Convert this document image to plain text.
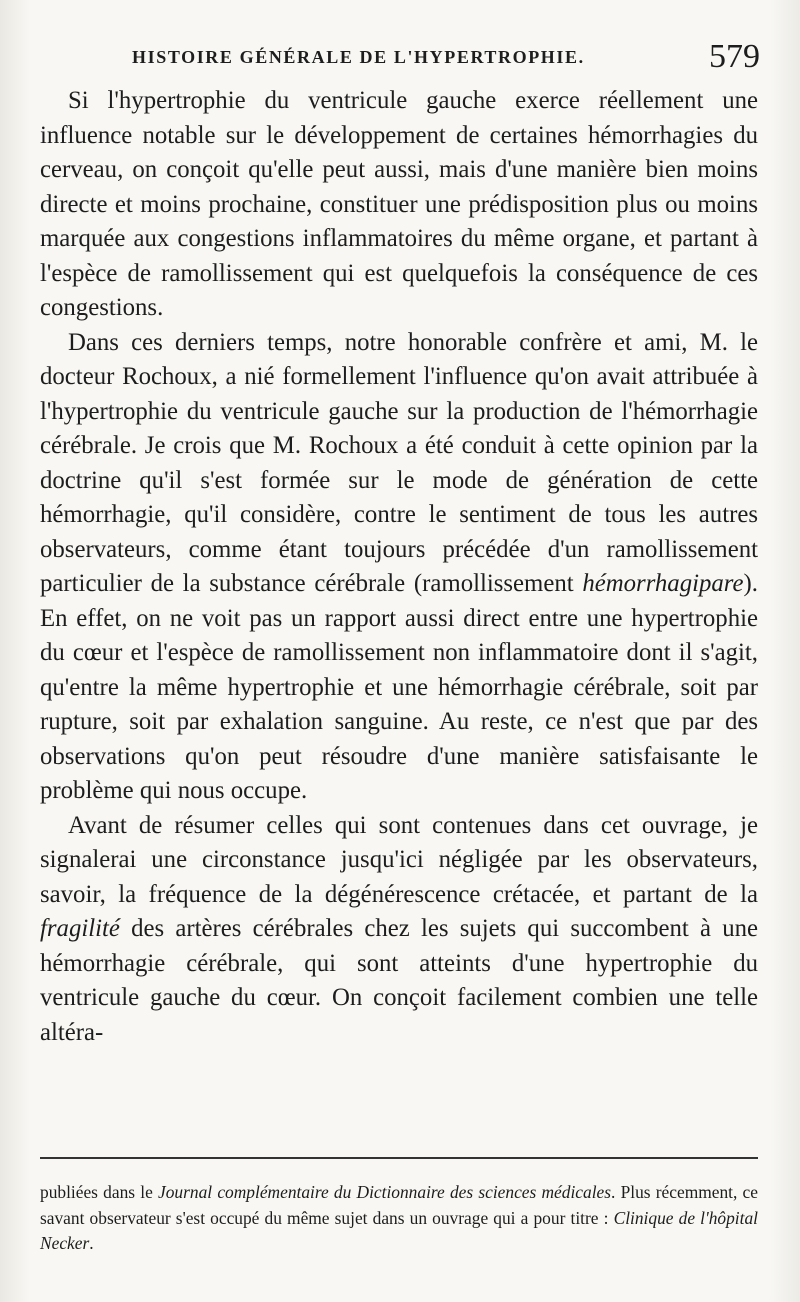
HISTOIRE GÉNÉRALE DE L'HYPERTROPHIE.	579

Si l'hypertrophie du ventricule gauche exerce réellement une influence notable sur le développement de certaines hémorrhagies du cerveau, on conçoit qu'elle peut aussi, mais d'une manière bien moins directe et moins prochaine, constituer une prédisposition plus ou moins marquée aux congestions inflammatoires du même organe, et partant à l'espèce de ramollissement qui est quelquefois la conséquence de ces congestions.

Dans ces derniers temps, notre honorable confrère et ami, M. le docteur Rochoux, a nié formellement l'influence qu'on avait attribuée à l'hypertrophie du ventricule gauche sur la production de l'hémorrhagie cérébrale. Je crois que M. Rochoux a été conduit à cette opinion par la doctrine qu'il s'est formée sur le mode de génération de cette hémorrhagie, qu'il considère, contre le sentiment de tous les autres observateurs, comme étant toujours précédée d'un ramollissement particulier de la substance cérébrale (ramollissement hémorrhagipare). En effet, on ne voit pas un rapport aussi direct entre une hypertrophie du cœur et l'espèce de ramollissement non inflammatoire dont il s'agit, qu'entre la même hypertrophie et une hémorrhagie cérébrale, soit par rupture, soit par exhalation sanguine. Au reste, ce n'est que par des observations qu'on peut résoudre d'une manière satisfaisante le problème qui nous occupe.

Avant de résumer celles qui sont contenues dans cet ouvrage, je signalerai une circonstance jusqu'ici négligée par les observateurs, savoir, la fréquence de la dégénérescence crétacée, et partant de la fragilité des artères cérébrales chez les sujets qui succombent à une hémorrhagie cérébrale, qui sont atteints d'une hypertrophie du ventricule gauche du cœur. On conçoit facilement combien une telle altéra-

publiées dans le Journal complémentaire du Dictionnaire des sciences médicales. Plus récemment, ce savant observateur s'est occupé du même sujet dans un ouvrage qui a pour titre : Clinique de l'hôpital Necker.
